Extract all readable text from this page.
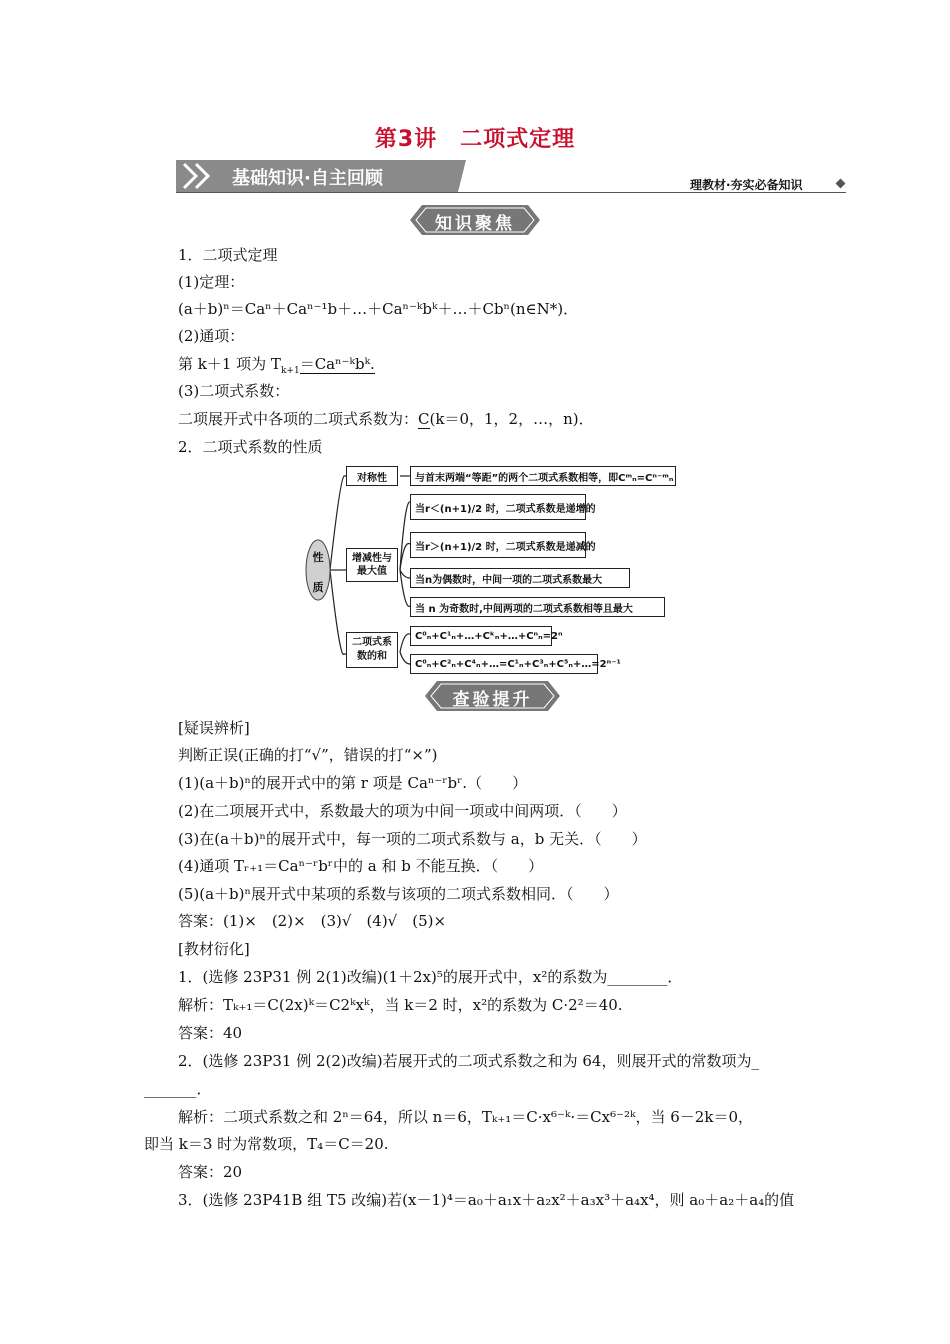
第3讲　二项式定理
基础知识·自主回顾	理教材·夯实必备知识
知识聚焦
1．二项式定理
(1)定理：
(a＋b)ⁿ＝Caⁿ＋Caⁿ⁻¹b＋…＋Caⁿ⁻ᵏbᵏ＋…＋Cbⁿ(n∈N*)．
(2)通项：
第 k＋1 项为 $T_{k+1}=Ca^{n-}ᵏbᵏ$.
(3)二项式系数：
二项展开式中各项的二项式系数为：C(k＝0，1，2，…，n)．
2．二项式系数的性质
性质
对称性	与首末两端“等距”的两个二项式系数相等，即Cᵐₙ=Cⁿ⁻ᵐₙ
增减性与最大值
当r＜(n+1)/2 时，二项式系数是递增的
当r＞(n+1)/2 时，二项式系数是递减的
当n为偶数时，中间一项的二项式系数最大
当 n 为奇数时,中间两项的二项式系数相等且最大
二项式系数的和
C⁰ₙ+C¹ₙ+…+Cᵏₙ+…+Cⁿₙ=2ⁿ
C⁰ₙ+C²ₙ+C⁴ₙ+…=C¹ₙ+C³ₙ+C⁵ₙ+…=2ⁿ⁻¹
查验提升
[疑误辨析]
判断正误(正确的打“√”，错误的打“×”)
(1)(a＋b)ⁿ的展开式中的第 r 项是 Caⁿ⁻ʳbʳ.（　　）
(2)在二项展开式中，系数最大的项为中间一项或中间两项．（　　）
(3)在(a＋b)ⁿ的展开式中，每一项的二项式系数与 a，b 无关．（　　）
(4)通项 Tᵣ₊₁＝Caⁿ⁻ʳbʳ中的 a 和 b 不能互换．（　　）
(5)(a＋b)ⁿ展开式中某项的系数与该项的二项式系数相同．（　　）
答案：(1)×　(2)×　(3)√　(4)√　(5)×
[教材衍化]
1．(选修 23P31 例 2(1)改编)(1＋2x)⁵的展开式中，x²的系数为________．
解析：Tₖ₊₁＝C(2x)ᵏ＝C2ᵏxᵏ，当 k＝2 时，x²的系数为 C·2²＝40.
答案：40
2．(选修 23P31 例 2(2)改编)若展开式的二项式系数之和为 64，则展开式的常数项为_
_______．
解析：二项式系数之和 2ⁿ＝64，所以 n＝6，Tₖ₊₁＝C·x⁶⁻ᵏ·＝Cx⁶⁻²ᵏ，当 6－2k＝0，
即当 k＝3 时为常数项，T₄＝C＝20.
答案：20
3．(选修 23P41B 组 T5 改编)若(x－1)⁴＝a₀＋a₁x＋a₂x²＋a₃x³＋a₄x⁴，则 a₀＋a₂＋a₄的值
